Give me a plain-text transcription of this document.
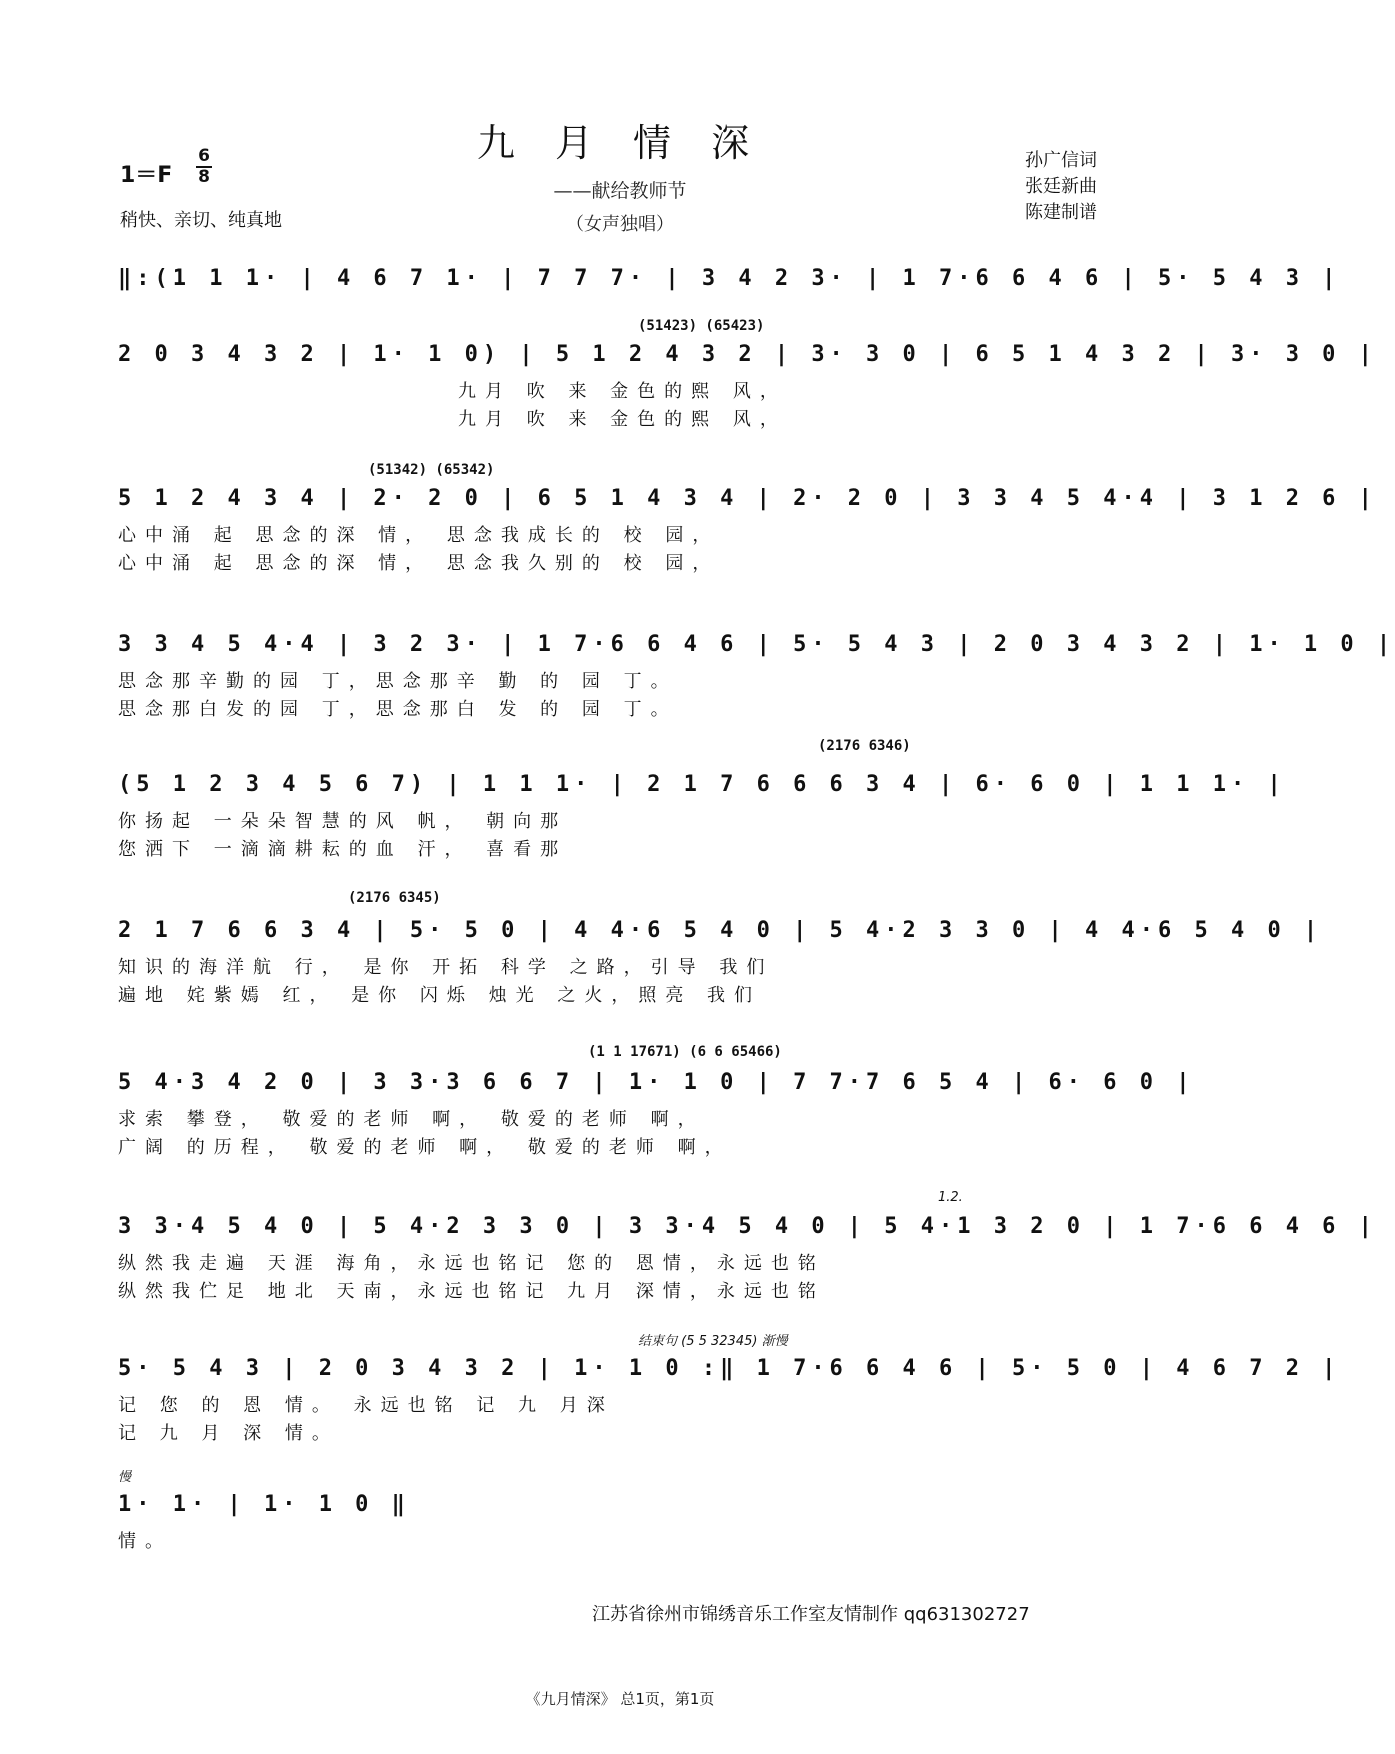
九 月 情 深
——献给教师节
（女声独唱）
1＝F
6
8
稍快、亲切、纯真地
孙广信词
张廷新曲
陈建制谱
‖:(1 1 1· | 4 6 7 1· | 7 7 7· | 3 4 2 3· | 1 7·6 6 4 6 | 5· 5 4 3 |
(51423) (65423)
2 0 3 4 3 2 | 1· 1 0) | 5 1 2 4 3 2 | 3· 3 0 | 6 5 1 4 3 2 | 3· 3 0 |
九月 吹 来 金色的熙 风，
九月 吹 来 金色的熙 风，
(51342) (65342)
5 1 2 4 3 4 | 2· 2 0 | 6 5 1 4 3 4 | 2· 2 0 | 3 3 4 5 4·4 | 3 1 2 6 |
心中涌 起 思念的深 情， 思念我成长的 校 园，
心中涌 起 思念的深 情， 思念我久别的 校 园，
3 3 4 5 4·4 | 3 2 3· | 1 7·6 6 4 6 | 5· 5 4 3 | 2 0 3 4 3 2 | 1· 1 0 |
思念那辛勤的园 丁，思念那辛 勤 的 园 丁。
思念那白发的园 丁，思念那白 发 的 园 丁。
(2176 6346)
(5 1 2 3 4 5 6 7) | 1 1 1· | 2 1 7 6 6 6 3 4 | 6· 6 0 | 1 1 1· |
你扬起 一朵朵智慧的风 帆， 朝向那
您洒下 一滴滴耕耘的血 汗， 喜看那
(2176 6345)
2 1 7 6 6 3 4 | 5· 5 0 | 4 4·6 5 4 0 | 5 4·2 3 3 0 | 4 4·6 5 4 0 |
知识的海洋航 行， 是你 开拓 科学 之路，引导 我们
遍地 姹紫嫣 红， 是你 闪烁 烛光 之火，照亮 我们
(1 1 17671) (6 6 65466)
5 4·3 4 2 0 | 3 3·3 6 6 7 | 1· 1 0 | 7 7·7 6 5 4 | 6· 6 0 |
求索 攀登， 敬爱的老师 啊， 敬爱的老师 啊，
广阔 的历程， 敬爱的老师 啊， 敬爱的老师 啊，
1.2.
3 3·4 5 4 0 | 5 4·2 3 3 0 | 3 3·4 5 4 0 | 5 4·1 3 2 0 | 1 7·6 6 4 6 |
纵然我走遍 天涯 海角，永远也铭记 您的 恩情，永远也铭
纵然我伫足 地北 天南，永远也铭记 九月 深情，永远也铭
结束句 (5 5 32345) 渐慢
5· 5 4 3 | 2 0 3 4 3 2 | 1· 1 0 :‖ 1 7·6 6 4 6 | 5· 5 0 | 4 6 7 2 |
记 您 的 恩 情。 永远也铭 记 九 月深
记 九 月 深 情。
慢
1· 1· | 1· 1 0 ‖
情。
江苏省徐州市锦绣音乐工作室友情制作 qq631302727
《九月情深》 总1页，第1页
